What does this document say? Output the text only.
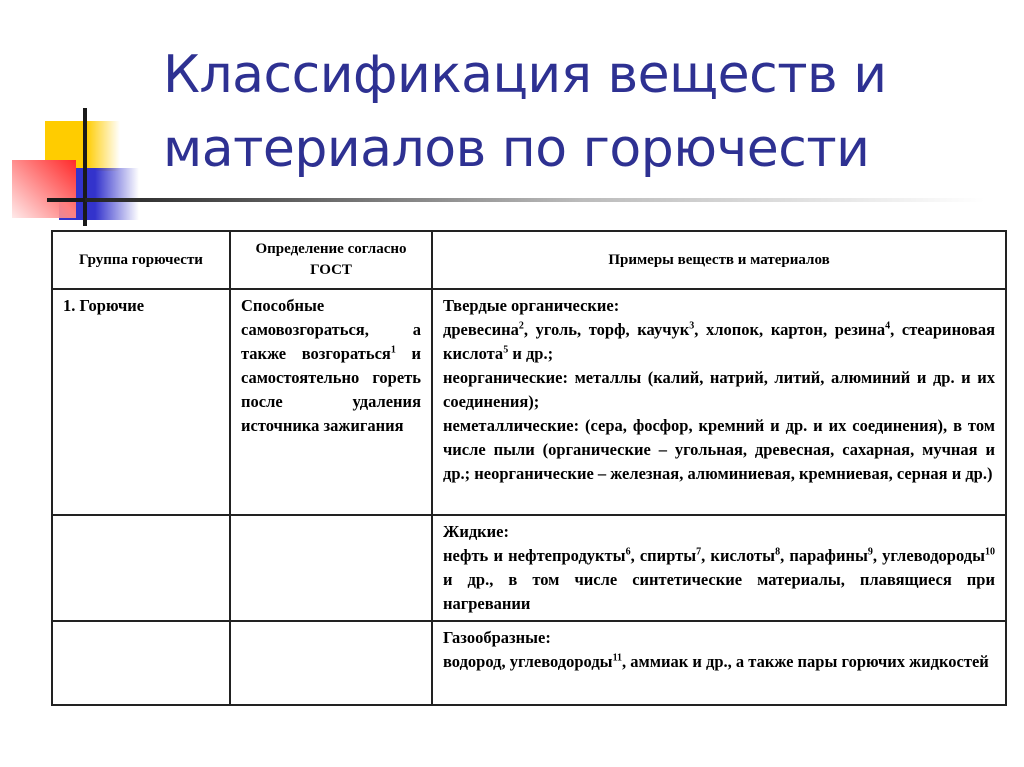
Классификация веществ и
материалов по горючести
Группа горючести	Определение согласно ГОСТ	Примеры веществ и материалов
1. Горючие	Способные самовозгораться, а также возгораться$^1$ и самостоятельно гореть после удаления источника зажигания	Твердые органические:
древесина$^2$, уголь, торф, каучук$^3$, хлопок, картон, резина$^4$, стеариновая кислота$^5$ и др.;
неорганические: металлы (калий, натрий, литий, алюминий и др. и их соединения);
неметаллические: (сера, фосфор, кремний и др. и их соединения), в том числе пыли (органические – угольная, древесная, сахарная, мучная и др.; неорганические – железная, алюминиевая, кремниевая, серная и др.)

		Жидкие:
нефть и нефтепродукты$^6$, спирты$^7$, кислоты$^8$, парафины$^9$, углеводороды$^{10}$ и др., в том числе синтетические материалы, плавящиеся при нагревании

		Газообразные:
водород, углеводороды$^{11}$, аммиак и др., а также пары горючих жидкостей
